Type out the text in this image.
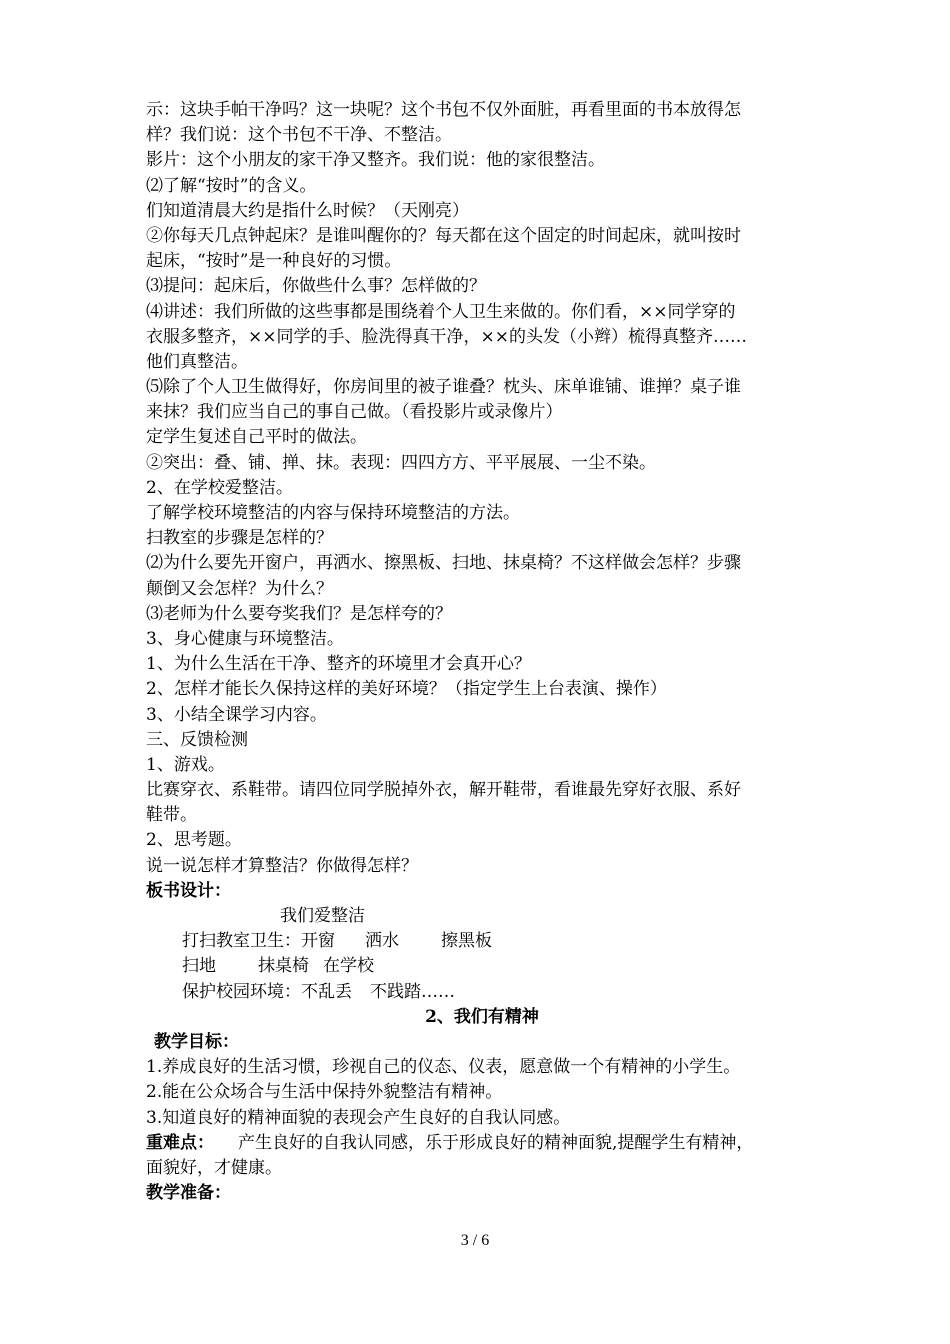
示：这块手帕干净吗？这一块呢？这个书包不仅外面脏，再看里面的书本放得怎
样？我们说：这个书包不干净、不整洁。
影片：这个小朋友的家干净又整齐。我们说：他的家很整洁。
⑵了解“按时”的含义。
们知道清晨大约是指什么时候？（天刚亮）
②你每天几点钟起床？是谁叫醒你的？每天都在这个固定的时间起床，就叫按时
起床，“按时”是一种良好的习惯。
⑶提问：起床后，你做些什么事？怎样做的？
⑷讲述：我们所做的这些事都是围绕着个人卫生来做的。你们看，××同学穿的
衣服多整齐，××同学的手、脸洗得真干净，××的头发（小辫）梳得真整齐……
他们真整洁。
⑸除了个人卫生做得好，你房间里的被子谁叠？枕头、床单谁铺、谁掸？桌子谁
来抹？我们应当自己的事自己做。（看投影片或录像片）
定学生复述自己平时的做法。
②突出：叠、铺、掸、抹。表现：四四方方、平平展展、一尘不染。
2、在学校爱整洁。
了解学校环境整洁的内容与保持环境整洁的方法。
扫教室的步骤是怎样的？
⑵为什么要先开窗户，再洒水、擦黑板、扫地、抹桌椅？不这样做会怎样？步骤
颠倒又会怎样？为什么？
⑶老师为什么要夸奖我们？是怎样夸的？
3、身心健康与环境整洁。
1、为什么生活在干净、整齐的环境里才会真开心？
2、怎样才能长久保持这样的美好环境？（指定学生上台表演、操作）
3、小结全课学习内容。
三、反馈检测
1、游戏。
比赛穿衣、系鞋带。请四位同学脱掉外衣，解开鞋带，看谁最先穿好衣服、系好
鞋带。
2、思考题。
说一说怎样才算整洁？你做得怎样？
板书设计：
我们爱整洁
打扫教室卫生：开窗 洒水 擦黑板
扫地 抹桌椅 在学校
保护校园环境：不乱丢 不践踏……
2、我们有精神
教学目标：
1.养成良好的生活习惯，珍视自己的仪态、仪表，愿意做一个有精神的小学生。
2.能在公众场合与生活中保持外貌整洁有精神。
3.知道良好的精神面貌的表现会产生良好的自我认同感。
重难点： 产生良好的自我认同感，乐于形成良好的精神面貌,提醒学生有精神，
面貌好，才健康。
教学准备：
3 / 6
